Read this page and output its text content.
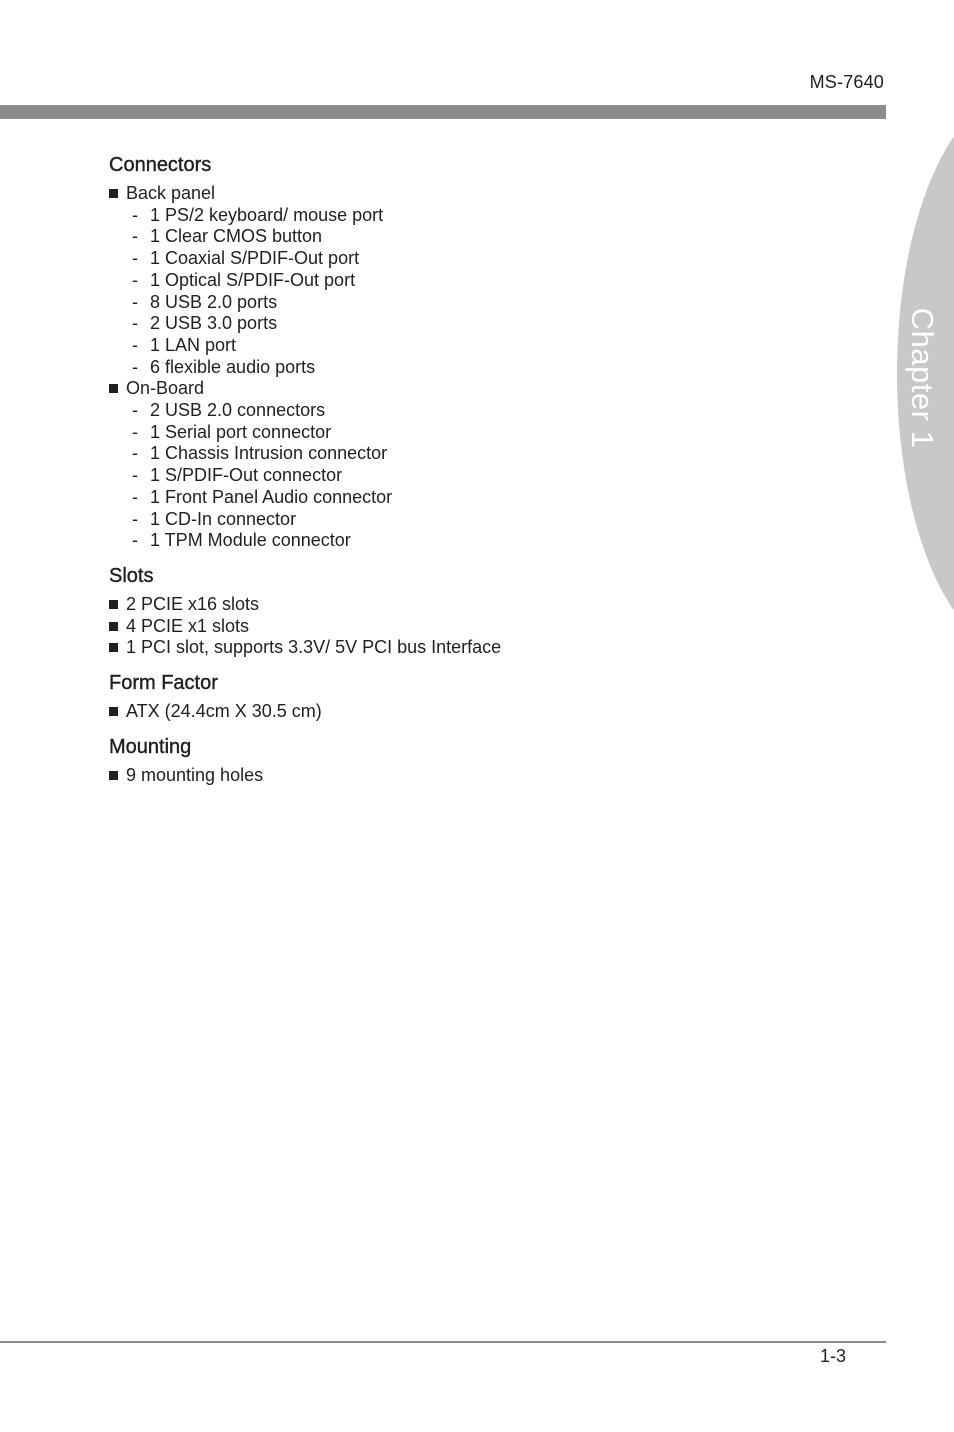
MS-7640
Chapter 1
Connectors
Back panel
- 1 PS/2 keyboard/ mouse port
- 1 Clear CMOS button
- 1 Coaxial S/PDIF-Out port
- 1 Optical S/PDIF-Out port
- 8 USB 2.0 ports
- 2 USB 3.0 ports
- 1 LAN port
- 6 flexible audio ports
On-Board
- 2 USB 2.0 connectors
- 1 Serial port connector
- 1 Chassis Intrusion connector
- 1 S/PDIF-Out connector
- 1 Front Panel Audio connector
- 1 CD-In connector
- 1 TPM Module connector
Slots
2 PCIE x16 slots
4 PCIE x1 slots
1 PCI slot, supports 3.3V/ 5V PCI bus Interface
Form Factor
ATX (24.4cm X 30.5 cm)
Mounting
9 mounting holes
1-3
